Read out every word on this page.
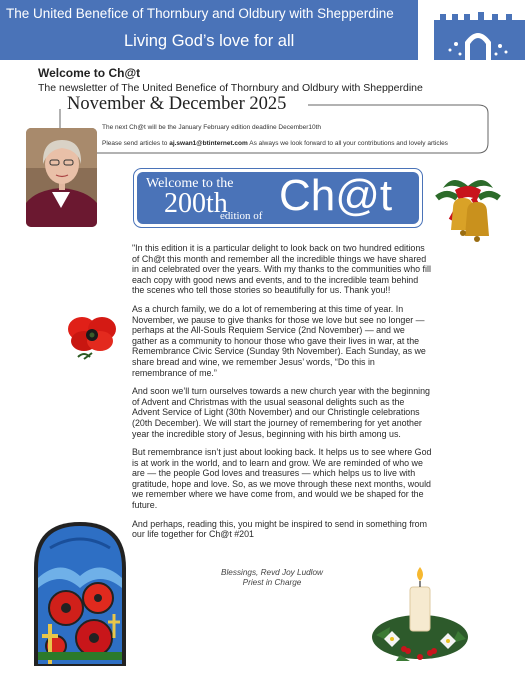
The United Benefice of Thornbury and Oldbury with Shepperdine
Living God’s love for all
Welcome to Ch@t
The newsletter of The United Benefice of Thornbury and Oldbury with Shepperdine
November & December 2025
The next Ch@t will be the January February edition deadline December10th
Please send articles to aj.swan1@btinternet.com As always we look forward to all your contributions and lovely articles
Welcome to the
200th
edition of Ch@t

"In this edition it is a particular delight to look back on two hundred editions of Ch@t this month and remember all the incredible things we have shared in and celebrated over the years. With my thanks to the communities who fill each copy with good news and events, and to the incredible team behind the scenes who tell those stories so beautifully for us. Thank you!!

As a church family, we do a lot of remembering at this time of year. In November, we pause to give thanks for those we love but see no longer — perhaps at the All-Souls Requiem Service (2nd November) — and we gather as a community to honour those who gave their lives in war, at the Remembrance Civic Service (Sunday 9th November). Each Sunday, as we share bread and wine, we remember Jesus’ words, “Do this in remembrance of me.”

And soon we’ll turn ourselves towards a new church year with the beginning of Advent and Christmas with the usual seasonal delights such as the Advent Service of Light (30th November) and our Christingle celebrations (20th December). We will start the journey of remembering for yet another year the incredible story of Jesus, beginning with his birth among us.

But remembrance isn’t just about looking back. It helps us to see where God is at work in the world, and to learn and grow. We are reminded of who we are — the people God loves and treasures — which helps us to live with gratitude, hope and love. So, as we move through these next months, would we remember where we have come from, and would we be shaped for the future.

And perhaps, reading this, you might be inspired to send in something from our life together for Ch@t #201

Blessings, Revd Joy Ludlow
Priest in Charge
